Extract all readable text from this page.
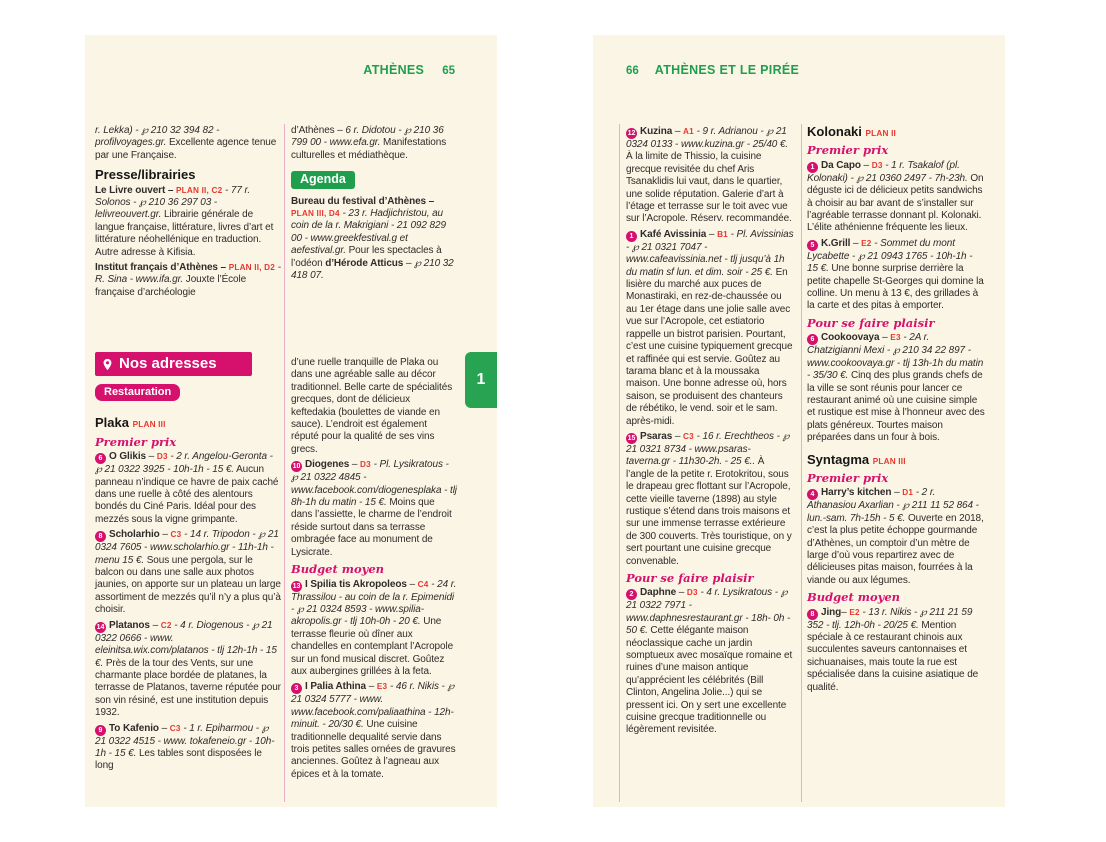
ATHÈNES 65
r. Lekka) - ℘ 210 32 394 82 - profilvoyages.gr. Excellente agence tenue par une Française.
Presse/librairies
Le Livre ouvert – PLAN II, C2 - 77 r. Solonos - ℘ 210 36 297 03 - lelivreouvert.gr. Librairie générale de langue française, littérature, livres d’art et littérature néohellénique en traduction. Autre adresse à Kifisia.
Institut français d’Athènes – PLAN II, D2 - R. Sina - www.ifa.gr. Jouxte l’École française d’archéologie
d’Athènes – 6 r. Didotou - ℘ 210 36 799 00 - www.efa.gr. Manifestations culturelles et médiathèque.
Agenda
Bureau du festival d’Athènes – PLAN III, D4 - 23 r. Hadjichristou, au coin de la r. Makrigiani - 21 092 829 00 - www.greekfestival.g et aefestival.gr. Pour les spectacles à l’odéon d’Hérode Atticus – ℘ 210 32 418 07.
Nos adresses
Restauration
Plaka PLAN III
Premier prix
6 O Glikis – D3 - 2 r. Angelou-Geronta - ℘ 21 0322 3925 - 10h-1h - 15 €. Aucun panneau n’indique ce havre de paix caché dans une ruelle à côté des alentours bondés du Ciné Paris. Idéal pour des mezzés sous la vigne grimpante.
8 Scholarhio – C3 - 14 r. Tripodon - ℘ 21 0324 7605 - www.scholarhio.gr - 11h-1h - menu 15 €. Sous une pergola, sur le balcon ou dans une salle aux photos jaunies, on apporte sur un plateau un large assortiment de mezzés qu’il n’y a plus qu’à choisir.
14 Platanos – C2 - 4 r. Diogenous - ℘ 21 0322 0666 - www. eleinitsa.wix.com/platanos - tlj 12h-1h - 15 €. Près de la tour des Vents, sur une charmante place bordée de platanes, la terrasse de Platanos, taverne réputée pour son vin résiné, est une institution depuis 1932.
9 To Kafenio – C3 - 1 r. Epiharmou - ℘ 21 0322 4515 - www. tokafeneio.gr - 10h-1h - 15 €. Les tables sont disposées le long
d’une ruelle tranquille de Plaka ou dans une agréable salle au décor traditionnel. Belle carte de spécialités grecques, dont de délicieux keftedakia (boulettes de viande en sauce). L’endroit est également réputé pour la qualité de ses vins grecs.
10 Diogenes – D3 - Pl. Lysikratous - ℘ 21 0322 4845 - www.facebook.com/diogenesplaka - tlj 8h-1h du matin - 15 €. Moins que dans l’assiette, le charme de l’endroit réside surtout dans sa terrasse ombragée face au monument de Lysicrate.
Budget moyen
13 I Spilia tis Akropoleos – C4 - 24 r. Thrassilou - au coin de la r. Epimenidi - ℘ 21 0324 8593 - www.spilia-akropolis.gr - tlj 10h-0h - 20 €. Une terrasse fleurie où dîner aux chandelles en contemplant l’Acropole sur un fond musical discret. Goûtez aux aubergines grillées à la feta.
3 I Palia Athina – E3 - 46 r. Nikis - ℘ 21 0324 5777 - www. www.facebook.com/paliaathina - 12h-minuit. - 20/30 €. Une cuisine traditionnelle dequalité servie dans trois petites salles ornées de gravures anciennes. Goûtez à l’agneau aux épices et à la tomate.
1
66 ATHÈNES ET LE PIRÉE
12 Kuzina – A1 - 9 r. Adrianou - ℘ 21 0324 0133 - www.kuzina.gr - 25/40 €. À la limite de Thissio, la cuisine grecque revisitée du chef Aris Tsanaklidis lui vaut, dans le quartier, une solide réputation. Galerie d’art à l’étage et terrasse sur le toit avec vue sur l’Acropole. Réserv. recommandée.
1 Kafé Avissinia – B1 - Pl. Avissinias - ℘ 21 0321 7047 - www.cafeavissinia.net - tlj jusqu’à 1h du matin sf lun. et dim. soir - 25 €. En lisière du marché aux puces de Monastiraki, en rez-de-chaussée ou au 1er étage dans une jolie salle avec vue sur l’Acropole, cet estiatorio rappelle un bistrot parisien. Pourtant, c’est une cuisine typiquement grecque et raffinée qui est servie. Goûtez au tarama blanc et à la moussaka maison. Une bonne adresse où, hors saison, se produisent des chanteurs de rébétiko, le vend. soir et le sam. après-midi.
15 Psaras – C3 - 16 r. Erechtheos - ℘ 21 0321 8734 - www.psaras-taverna.gr - 11h30-2h. - 25 €.. À l’angle de la petite r. Erotokritou, sous le drapeau grec flottant sur l’Acropole, cette vieille taverne (1898) au style rustique s’étend dans trois maisons et sur une immense terrasse extérieure de 300 couverts. Très touristique, on y sert pourtant une cuisine grecque convenable.
Pour se faire plaisir
2 Daphne – D3 - 4 r. Lysikratous - ℘ 21 0322 7971 - www.daphnesrestaurant.gr - 18h- 0h - 50 €. Cette élégante maison néoclassique cache un jardin somptueux avec mosaïque romaine et ruines d’une maison antique qu’apprécient les célébrités (Bill Clinton, Angelina Jolie...) qui se pressent ici. On y sert une excellente cuisine grecque traditionnelle ou légèrement revisitée.
Kolonaki PLAN II
Premier prix
1 Da Capo – D3 - 1 r. Tsakalof (pl. Kolonaki) - ℘ 21 0360 2497 - 7h-23h. On déguste ici de délicieux petits sandwichs à choisir au bar avant de s’installer sur l’agréable terrasse donnant pl. Kolonaki. L’élite athénienne fréquente les lieux.
5 K.Grill – E2 - Sommet du mont Lycabette - ℘ 21 0943 1765 - 10h-1h - 15 €. Une bonne surprise derrière la petite chapelle St-Georges qui domine la colline. Un menu à 13 €, des grillades à la carte et des pitas à emporter.
Pour se faire plaisir
6 Cookoovaya – E3 - 2A r. Chatzigianni Mexi - ℘ 210 34 22 897 - www.cookoovaya.gr - tlj 13h-1h du matin - 35/30 €. Cinq des plus grands chefs de la ville se sont réunis pour lancer ce restaurant animé où une cuisine simple et rustique est mise à l’honneur avec des plats généreux. Tourtes maison préparées dans un four à bois.
Syntagma PLAN III
Premier prix
4 Harry’s kitchen – D1 - 2 r. Athanasiou Axarlian - ℘ 211 11 52 864 - lun.-sam. 7h-15h - 5 €. Ouverte en 2018, c’est la plus petite échoppe gourmande d’Athènes, un comptoir d’un mètre de large d’où vous repartirez avec de délicieuses pitas maison, fourrées à la viande ou aux légumes.
Budget moyen
8 Jing– E2 - 13 r. Nikis - ℘ 211 21 59 352 - tlj. 12h-0h - 20/25 €. Mention spéciale à ce restaurant chinois aux succulentes saveurs cantonnaises et sichuanaises, mais toute la rue est spécialisée dans la cuisine asiatique de qualité.
